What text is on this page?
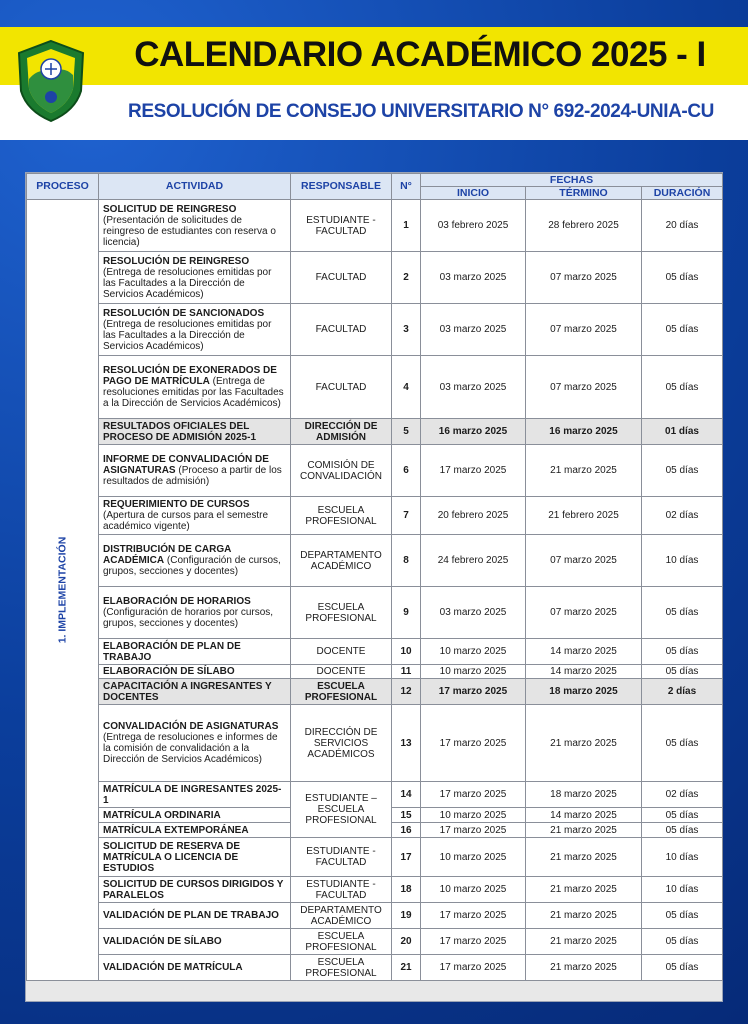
CALENDARIO ACADÉMICO 2025 - I
RESOLUCIÓN DE CONSEJO UNIVERSITARIO N° 692-2024-UNIA-CU
PROCESO	ACTIVIDAD	RESPONSABLE	N°	FECHAS		
				INICIO	TÉRMINO	DURACIÓN

1. IMPLEMENTACIÓN	SOLICITUD DE REINGRESO (Presentación de solicitudes de reingreso de estudiantes con reserva o licencia)	ESTUDIANTE - FACULTAD	1	03 febrero 2025	28 febrero 2025	20 días
	RESOLUCIÓN DE REINGRESO (Entrega de resoluciones emitidas por las Facultades a la Dirección de Servicios Académicos)	FACULTAD	2	03 marzo 2025	07 marzo 2025	05 días
	RESOLUCIÓN DE SANCIONADOS (Entrega de resoluciones emitidas por las Facultades a la Dirección de Servicios Académicos)	FACULTAD	3	03 marzo 2025	07 marzo 2025	05 días
	RESOLUCIÓN DE EXONERADOS DE PAGO DE MATRÍCULA (Entrega de resoluciones emitidas por las Facultades a la Dirección de Servicios Académicos)	FACULTAD	4	03 marzo 2025	07 marzo 2025	05 días
	RESULTADOS OFICIALES DEL PROCESO DE ADMISIÓN 2025-1	DIRECCIÓN DE ADMISIÓN	5	16 marzo 2025	16 marzo 2025	01 días
	INFORME DE CONVALIDACIÓN DE ASIGNATURAS (Proceso a partir de los resultados de admisión)	COMISIÓN DE CONVALIDACIÓN	6	17 marzo 2025	21 marzo 2025	05 días
	REQUERIMIENTO DE CURSOS (Apertura de cursos para el semestre académico vigente)	ESCUELA PROFESIONAL	7	20 febrero 2025	21 febrero 2025	02 días
	DISTRIBUCIÓN DE CARGA ACADÉMICA (Configuración de cursos, grupos, secciones y docentes)	DEPARTAMENTO ACADÉMICO	8	24 febrero 2025	07 marzo 2025	10 días
	ELABORACIÓN DE HORARIOS (Configuración de horarios por cursos, grupos, secciones y docentes)	ESCUELA PROFESIONAL	9	03 marzo 2025	07 marzo 2025	05 días
	ELABORACIÓN DE PLAN DE TRABAJO	DOCENTE	10	10 marzo 2025	14 marzo 2025	05 días
	ELABORACIÓN DE SÍLABO	DOCENTE	11	10 marzo 2025	14 marzo 2025	05 días
	CAPACITACIÓN A INGRESANTES Y DOCENTES	ESCUELA PROFESIONAL	12	17 marzo 2025	18 marzo 2025	2 días
	CONVALIDACIÓN DE ASIGNATURAS (Entrega de resoluciones e informes de la comisión de convalidación a la Dirección de Servicios Académicos)	DIRECCIÓN DE SERVICIOS ACADÉMICOS	13	17 marzo 2025	21 marzo 2025	05 días
	MATRÍCULA DE INGRESANTES 2025-1	ESTUDIANTE – ESCUELA PROFESIONAL	14	17 marzo 2025	18 marzo 2025	02 días
	MATRÍCULA ORDINARIA		15	10 marzo 2025	14 marzo 2025	05 días
	MATRÍCULA EXTEMPORÁNEA		16	17 marzo 2025	21 marzo 2025	05 días
	SOLICITUD DE RESERVA DE MATRÍCULA O LICENCIA DE ESTUDIOS	ESTUDIANTE - FACULTAD	17	10 marzo 2025	21 marzo 2025	10 días
	SOLICITUD DE CURSOS DIRIGIDOS Y PARALELOS	ESTUDIANTE - FACULTAD	18	10 marzo 2025	21 marzo 2025	10 días
	VALIDACIÓN DE PLAN DE TRABAJO	DEPARTAMENTO ACADÉMICO	19	17 marzo 2025	21 marzo 2025	05 días
	VALIDACIÓN DE SÍLABO	ESCUELA PROFESIONAL	20	17 marzo 2025	21 marzo 2025	05 días
	VALIDACIÓN DE MATRÍCULA	ESCUELA PROFESIONAL	21	17 marzo 2025	21 marzo 2025	05 días
